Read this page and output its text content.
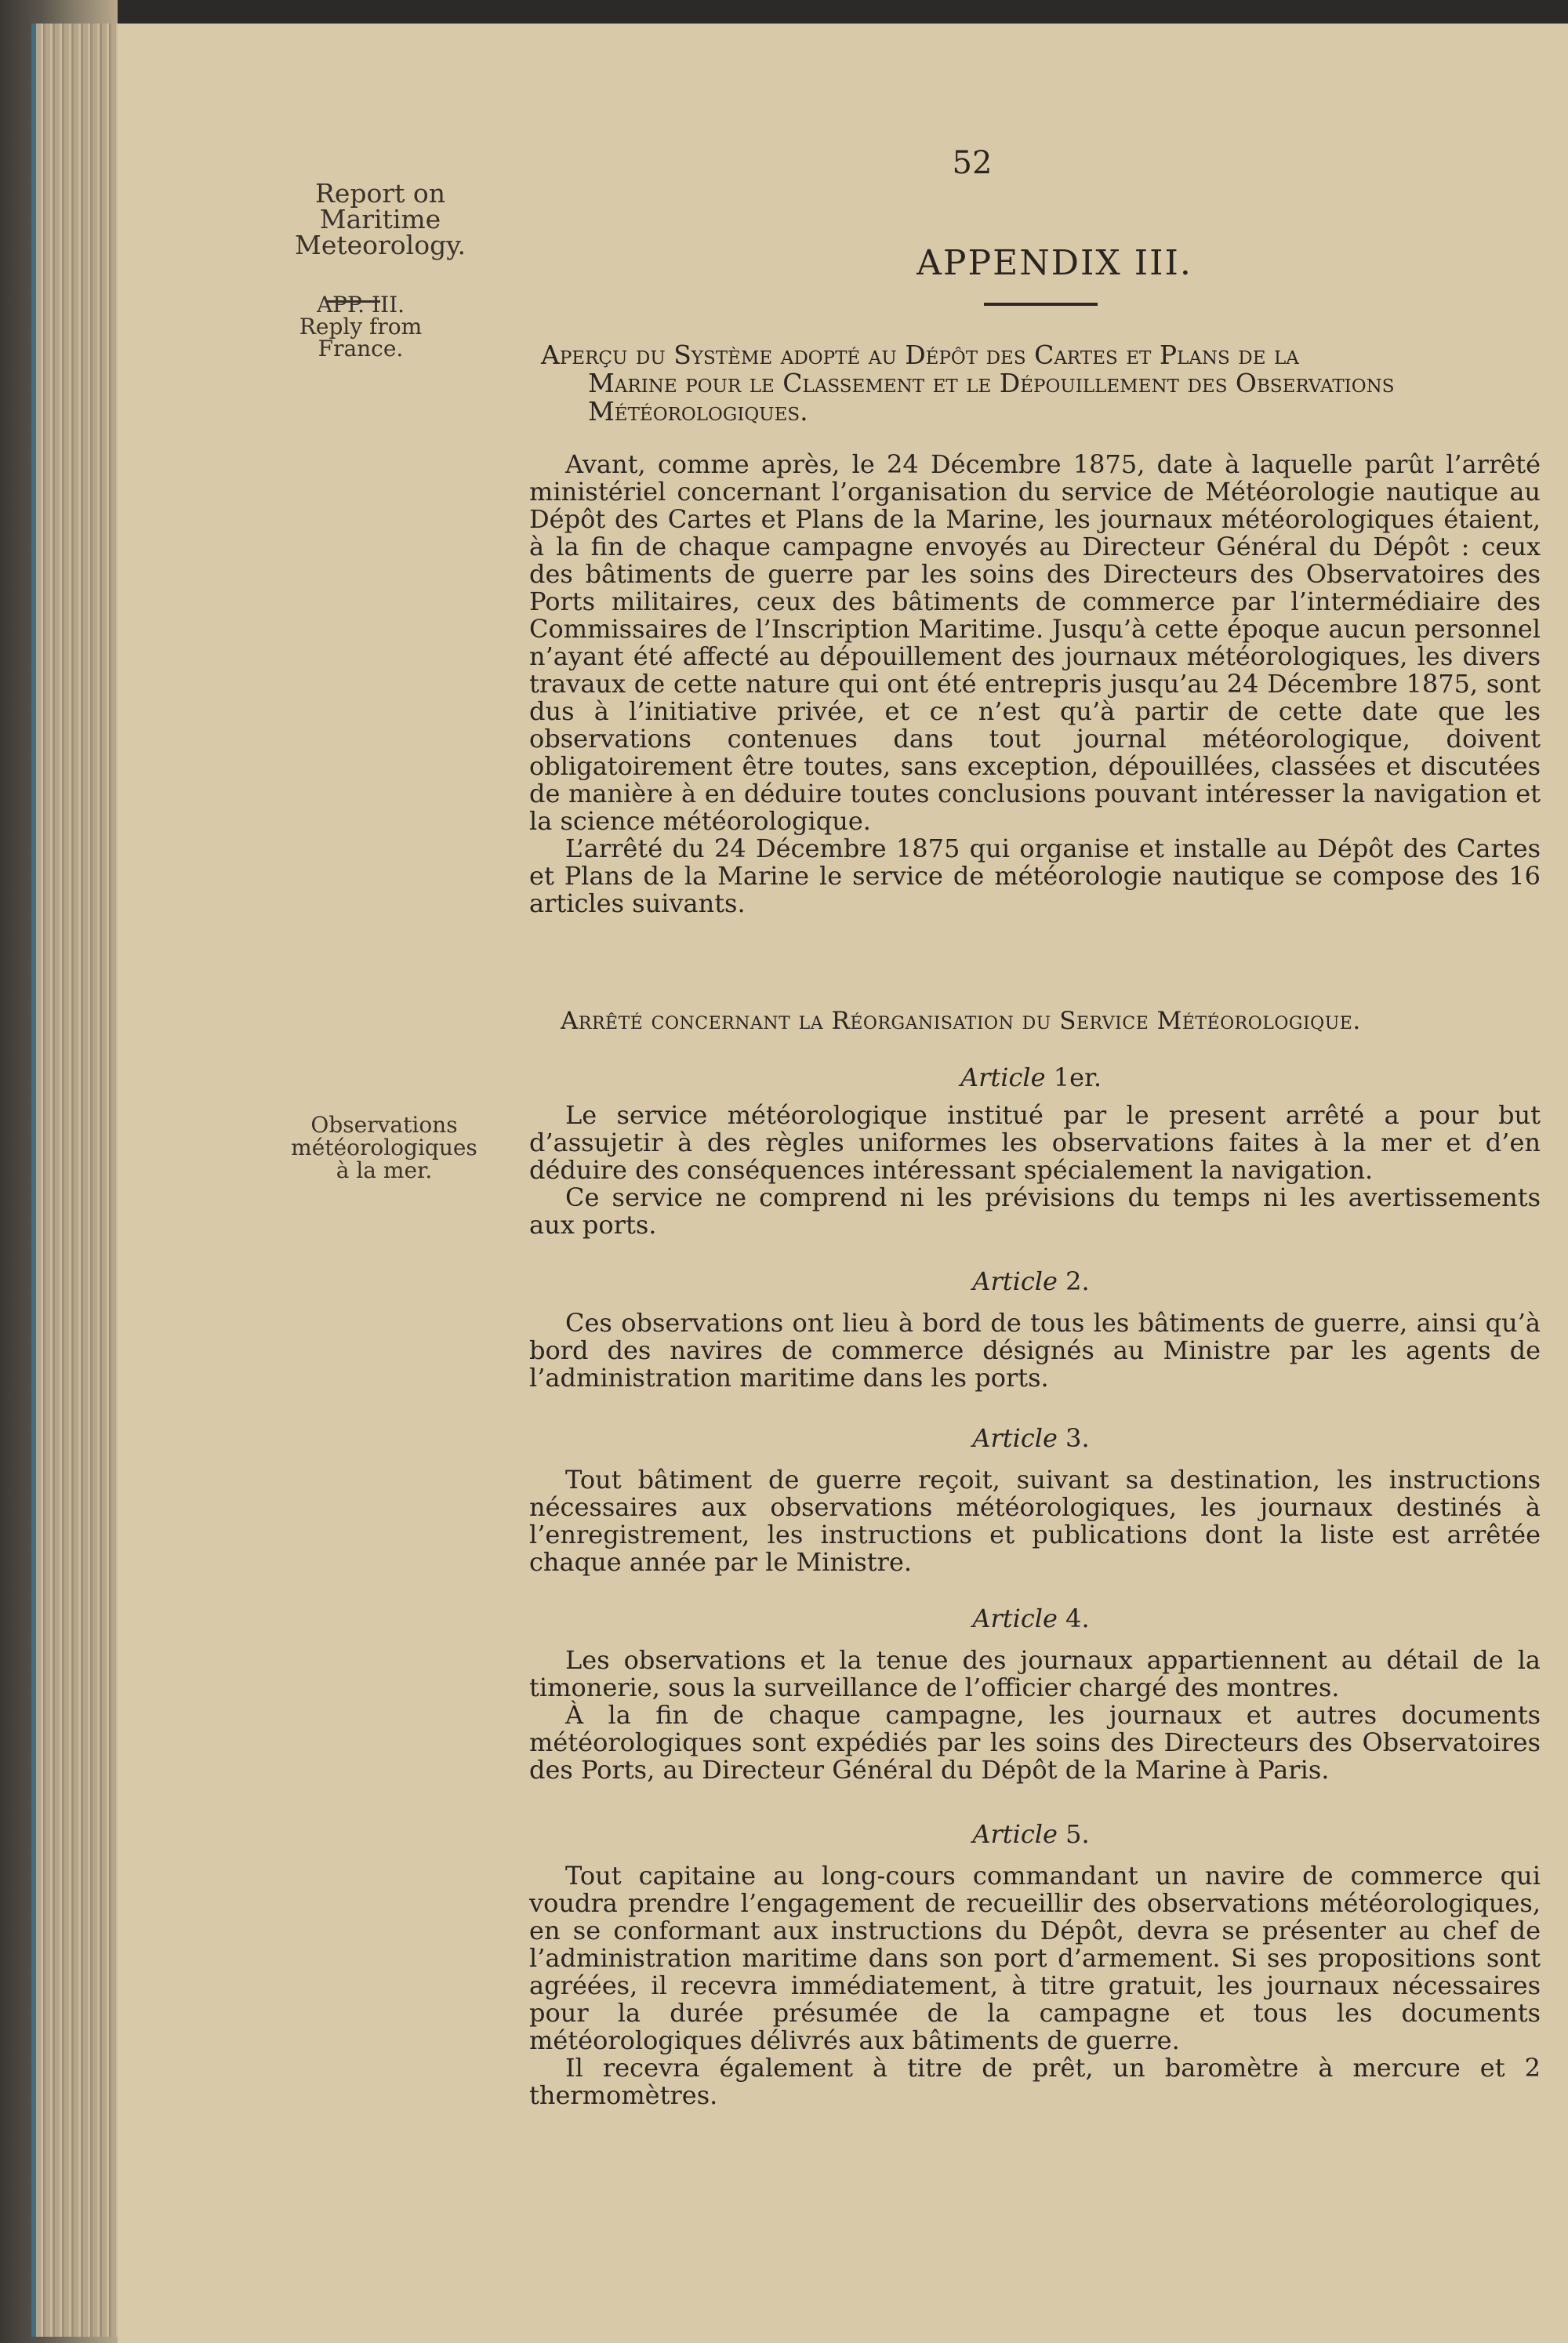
52
Report on
Maritime
Meteorology.
APP. III.
Reply from
France.
Observations
météorologiques
à la mer.
APPENDIX III.
Aperçu du Système adopté au Dépôt des Cartes et Plans de la
Marine pour le Classement et le Dépouillement des Observations Météorologiques.

Avant, comme après, le 24 Décembre 1875, date à laquelle parût l’arrêté ministériel concernant l’organisation du service de Météorologie nautique au Dépôt des Cartes et Plans de la Marine, les journaux météorologiques étaient, à la fin de chaque campagne envoyés au Directeur Général du Dépôt : ceux des bâtiments de guerre par les soins des Directeurs des Observatoires des Ports militaires, ceux des bâtiments de commerce par l’intermédiaire des Commissaires de l’Inscription Maritime. Jusqu’à cette époque aucun personnel n’ayant été affecté au dépouillement des journaux météorologiques, les divers travaux de cette nature qui ont été entrepris jusqu’au 24 Décembre 1875, sont dus à l’initiative privée, et ce n’est qu’à partir de cette date que les observations contenues dans tout journal météorologique, doivent obligatoirement être toutes, sans exception, dépouillées, classées et discutées de manière à en déduire toutes conclusions pouvant intéresser la navigation et la science météorologique.

L’arrêté du 24 Décembre 1875 qui organise et installe au Dépôt des Cartes et Plans de la Marine le service de météorologie nautique se compose des 16 articles suivants.

Arrêté concernant la Réorganisation du Service Météorologique.
Article 1er.

Le service météorologique institué par le present arrêté a pour but d’assujetir à des règles uniformes les observations faites à la mer et d’en déduire des conséquences intéressant spécialement la navigation.

Ce service ne comprend ni les prévisions du temps ni les avertissements aux ports.

Article 2.

Ces observations ont lieu à bord de tous les bâtiments de guerre, ainsi qu’à bord des navires de commerce désignés au Ministre par les agents de l’administration maritime dans les ports.

Article 3.

Tout bâtiment de guerre reçoit, suivant sa destination, les instructions nécessaires aux observations météorologiques, les journaux destinés à l’enregistrement, les instructions et publications dont la liste est arrêtée chaque année par le Ministre.

Article 4.

Les observations et la tenue des journaux appartiennent au détail de la timonerie, sous la surveillance de l’officier chargé des montres.

À la fin de chaque campagne, les journaux et autres documents météorologiques sont expédiés par les soins des Directeurs des Observatoires des Ports, au Directeur Général du Dépôt de la Marine à Paris.

Article 5.

Tout capitaine au long-cours commandant un navire de commerce qui voudra prendre l’engagement de recueillir des observations météorologiques, en se conformant aux instructions du Dépôt, devra se présenter au chef de l’administration maritime dans son port d’armement. Si ses propositions sont agréées, il recevra immédiatement, à titre gratuit, les journaux nécessaires pour la durée présumée de la campagne et tous les documents météorologiques délivrés aux bâtiments de guerre.

Il recevra également à titre de prêt, un baromètre à mercure et 2 thermomètres.
